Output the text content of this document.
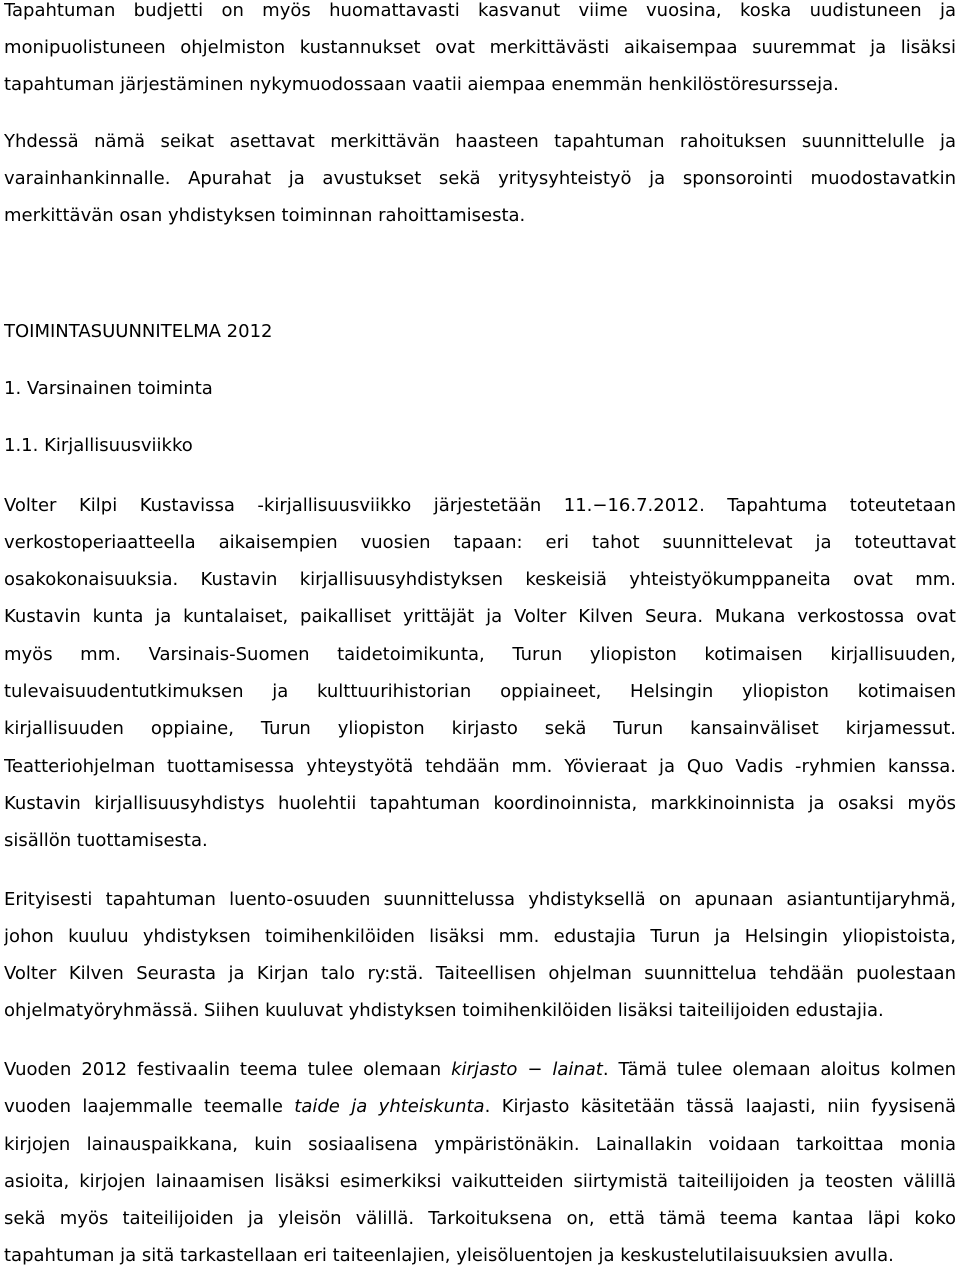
Tapahtuman budjetti on myös huomattavasti kasvanut viime vuosina, koska uudistuneen ja
monipuolistuneen ohjelmiston kustannukset ovat merkittävästi aikaisempaa suuremmat ja lisäksi
tapahtuman järjestäminen nykymuodossaan vaatii aiempaa enemmän henkilöstöresursseja.
Yhdessä nämä seikat asettavat merkittävän haasteen tapahtuman rahoituksen suunnittelulle ja
varainhankinnalle. Apurahat ja avustukset sekä yritysyhteistyö ja sponsorointi muodostavatkin
merkittävän osan yhdistyksen toiminnan rahoittamisesta.
TOIMINTASUUNNITELMA 2012
1. Varsinainen toiminta
1.1. Kirjallisuusviikko
Volter Kilpi Kustavissa -kirjallisuusviikko järjestetään 11.−16.7.2012. Tapahtuma toteutetaan
verkostoperiaatteella aikaisempien vuosien tapaan: eri tahot suunnittelevat ja toteuttavat
osakokonaisuuksia. Kustavin kirjallisuusyhdistyksen keskeisiä yhteistyökumppaneita ovat mm.
Kustavin kunta ja kuntalaiset, paikalliset yrittäjät ja Volter Kilven Seura. Mukana verkostossa ovat
myös mm. Varsinais-Suomen taidetoimikunta, Turun yliopiston kotimaisen kirjallisuuden,
tulevaisuudentutkimuksen ja kulttuurihistorian oppiaineet, Helsingin yliopiston kotimaisen
kirjallisuuden oppiaine, Turun yliopiston kirjasto sekä Turun kansainväliset kirjamessut.
Teatteriohjelman tuottamisessa yhteystyötä tehdään mm. Yövieraat ja Quo Vadis -ryhmien kanssa.
Kustavin kirjallisuusyhdistys huolehtii tapahtuman koordinoinnista, markkinoinnista ja osaksi myös
sisällön tuottamisesta.
Erityisesti tapahtuman luento-osuuden suunnittelussa yhdistyksellä on apunaan asiantuntijaryhmä,
johon kuuluu yhdistyksen toimihenkilöiden lisäksi mm. edustajia Turun ja Helsingin yliopistoista,
Volter Kilven Seurasta ja Kirjan talo ry:stä. Taiteellisen ohjelman suunnittelua tehdään puolestaan
ohjelmatyöryhmässä. Siihen kuuluvat yhdistyksen toimihenkilöiden lisäksi taiteilijoiden edustajia.
Vuoden 2012 festivaalin teema tulee olemaan kirjasto − lainat. Tämä tulee olemaan aloitus kolmen
vuoden laajemmalle teemalle taide ja yhteiskunta. Kirjasto käsitetään tässä laajasti, niin fyysisenä
kirjojen lainauspaikkana, kuin sosiaalisena ympäristönäkin. Lainallakin voidaan tarkoittaa monia
asioita, kirjojen lainaamisen lisäksi esimerkiksi vaikutteiden siirtymistä taiteilijoiden ja teosten välillä
sekä myös taiteilijoiden ja yleisön välillä. Tarkoituksena on, että tämä teema kantaa läpi koko
tapahtuman ja sitä tarkastellaan eri taiteenlajien, yleisöluentojen ja keskustelutilaisuuksien avulla.
